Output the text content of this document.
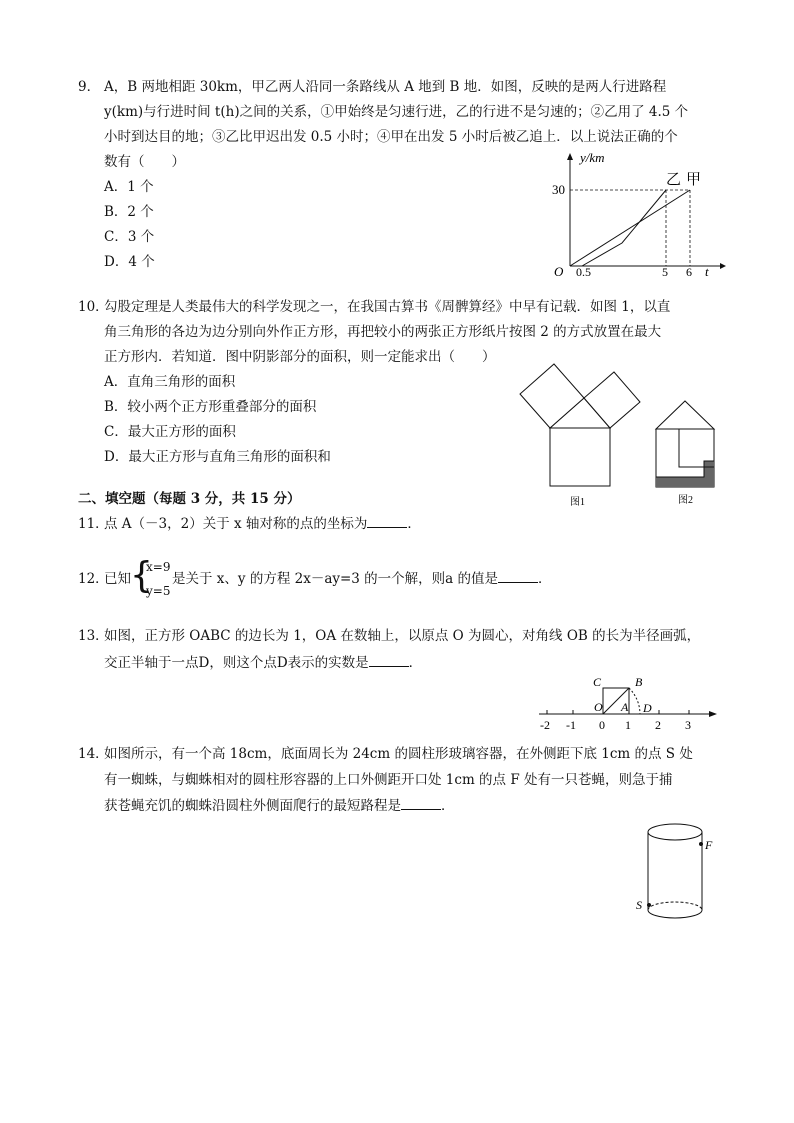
9． A，B 两地相距 30km，甲乙两人沿同一条路线从 A 地到 B 地．如图，反映的是两人行进路程
y(km)与行进时间 t(h)之间的关系，①甲始终是匀速行进，乙的行进不是匀速的；②乙用了 4.5 个
小时到达目的地；③乙比甲迟出发 0.5 小时；④甲在出发 5 小时后被乙追上．以上说法正确的个
数有（　　）
A．1 个
B．2 个
C．3 个
D．4 个
y/km
30
O 0.5	5 6 t
乙 甲
10．
勾股定理是人类最伟大的科学发现之一，在我国古算书《周髀算经》中早有记载．如图 1，以直
角三角形的各边为边分别向外作正方形，再把较小的两张正方形纸片按图 2 的方式放置在最大
正方形内．若知道．图中阴影部分的面积，则一定能求出（　　）
A．直角三角形的面积
B．较小两个正方形重叠部分的面积
C．最大正方形的面积
D．最大正方形与直角三角形的面积和
图1	图2
二、填空题（每题 3 分，共 15 分）
11．
点 A（－3，2）关于 x 轴对称的点的坐标为	．
12．
已知 {
x=9
y=5
是关于 x、y 的方程 2x－ay=3 的一个解，则a 的值是	．
13．
如图，正方形 OABC 的边长为 1，OA 在数轴上，以原点 O 为圆心，对角线 OB 的长为半径画弧，
交正半轴于一点D，则这个点D表示的实数是	．
C	B
O A D
-2 -1 0 1 2 3
14．
如图所示，有一个高 18cm，底面周长为 24cm 的圆柱形玻璃容器，在外侧距下底 1cm 的点 S 处
有一蜘蛛，与蜘蛛相对的圆柱形容器的上口外侧距开口处 1cm 的点 F 处有一只苍蝇，则急于捕
获苍蝇充饥的蜘蛛沿圆柱外侧面爬行的最短路程是	．
F
S
